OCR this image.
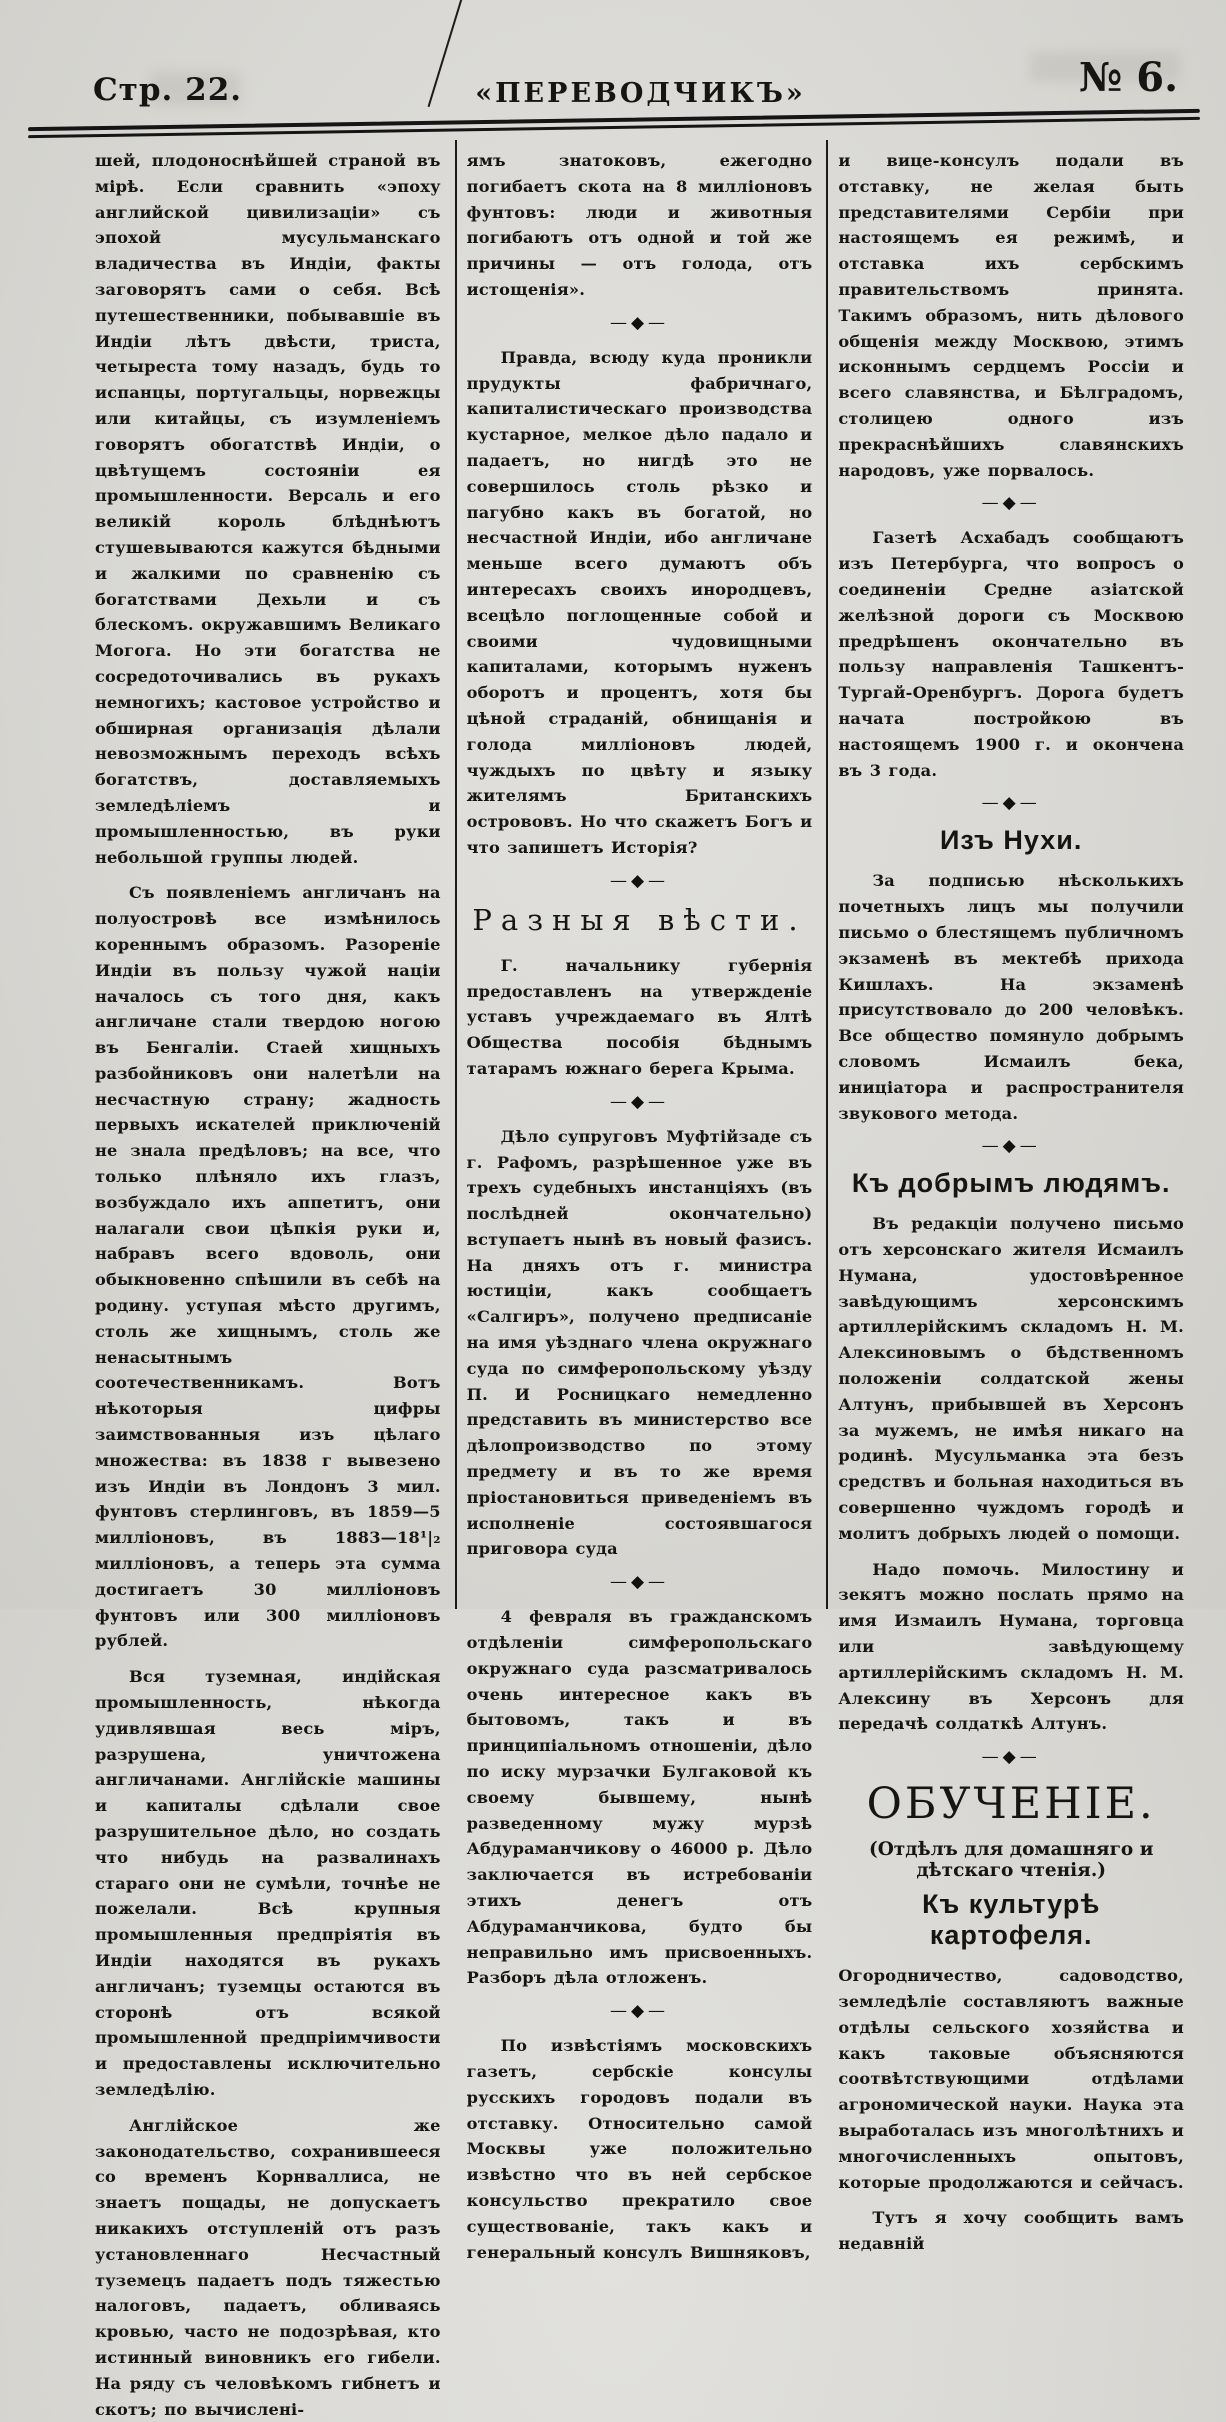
Стр. 22.	«ПЕРЕВОДЧИКЪ»	№ 6.

шей, плодоноснѣйшей страной въ мірѣ. Если сравнить «эпоху английской цивилизаціи» съ эпохой мусульманскаго владичества въ Индіи, факты заговорятъ сами о себя. Всѣ путешественники, побывавшіе въ Индіи лѣтъ двѣсти, триста, четыреста тому назадъ, будь то испанцы, португальцы, норвежцы или китайцы, съ изумленіемъ говорятъ обогатствѣ Индіи, о цвѣтущемъ состояніи ея промышленности. Версаль и его великій король блѣднѣютъ стушевываются кажутся бѣдными и жалкими по сравненію съ богатствами Дехьли и съ блескомъ. окружавшимъ Великаго Могога. Но эти богатства не сосредоточивались въ рукахъ немногихъ; кастовое устройство и обширная организація дѣлали невозможнымъ переходъ всѣхъ богатствъ, доставляемыхъ земледѣліемъ и промышленностью, въ руки небольшой группы людей.

Съ появленіемъ англичанъ на полуостровѣ все измѣнилось кореннымъ образомъ. Разореніе Индіи въ пользу чужой націи началось съ того дня, какъ англичане стали твердою ногою въ Бенгаліи. Стаей хищныхъ разбойниковъ они налетѣли на несчастную страну; жадность первыхъ искателей приключеній не знала предѣловъ; на все, что только плѣняло ихъ глазъ, возбуждало ихъ аппетитъ, они налагали свои цѣпкія руки и, набравъ всего вдоволь, они обыкновенно спѣшили въ себѣ на родину. уступая мѣсто другимъ, столь же хищнымъ, столь же ненасытнымъ соотечественникамъ. Вотъ нѣкоторыя цифры заимствованныя изъ цѣлаго множества: въ 1838 г вывезено изъ Индіи въ Лондонъ 3 мил. фунтовъ стерлинговъ, въ 1859—5 милліоновъ, въ 1883—18¹|₂ милліоновъ, а теперь эта сумма достигаетъ 30 милліоновъ фунтовъ или 300 милліоновъ рублей.

Вся туземная, индійская промышленность, нѣкогда удивлявшая весь міръ, разрушена, уничтожена англичанами. Англійскіе машины и капиталы сдѣлали свое разрушительное дѣло, но создать что нибудь на развалинахъ стараго они не сумѣли, точнѣе не пожелали. Всѣ крупныя промышленныя предпріятія въ Индіи находятся въ рукахъ англичанъ; туземцы остаются въ сторонѣ отъ всякой промышленной предпріимчивости и предоставлены исключительно земледѣлію.

Англійское же законодательство, сохранившееся со временъ Корнваллиса, не знаетъ пощады, не допускаетъ никакихъ отступленій отъ разъ установленнаго Несчастный туземецъ падаетъ подъ тяжестью налоговъ, падаетъ, обливаясь кровью, часто не подозрѣвая, кто истинный виновникъ его гибели. На ряду съ человѣкомъ гибнетъ и скотъ; по вычислені-

ямъ знатоковъ, ежегодно погибаетъ скота на 8 милліоновъ фунтовъ: люди и животныя погибаютъ отъ одной и той же причины — отъ голода, отъ истощенія».

—◆—

Правда, всюду куда проникли прудукты фабричнаго, капиталистическаго производства кустарное, мелкое дѣло падало и падаетъ, но нигдѣ это не совершилось столь рѣзко и пагубно какъ въ богатой, но несчастной Индіи, ибо англичане меньше всего думаютъ объ интересахъ своихъ инородцевъ, всецѣло поглощенные собой и своими чудовищными капиталами, которымъ нуженъ оборотъ и процентъ, хотя бы цѣной страданій, обнищанія и голода милліоновъ людей, чуждыхъ по цвѣту и языку жителямъ Британскихъ острововъ. Но что скажетъ Богъ и что запишетъ Исторія?

—◆—
Разныя вѣсти.

Г. начальнику губернія предоставленъ на утвержденіе уставъ учреждаемаго въ Ялтѣ Общества пособія бѣднымъ татарамъ южнаго берега Крыма.

—◆—

Дѣло супруговъ Муфтійзаде съ г. Рафомъ, разрѣшенное уже въ трехъ судебныхъ инстанціяхъ (въ послѣдней окончательно) вступаетъ нынѣ въ новый фазисъ. На дняхъ отъ г. министра юстиціи, какъ сообщаетъ «Салгиръ», получено предписаніе на имя уѣзднаго члена окружнаго суда по симферопольскому уѣзду П. И Росницкаго немедленно представить въ министерство все дѣлопроизводство по этому предмету и въ то же время пріостановиться приведеніемъ въ исполненіе состоявшагося приговора суда

—◆—

4 февраля въ гражданскомъ отдѣленіи симферопольскаго окружнаго суда разсматривалось очень интересное какъ въ бытовомъ, такъ и въ принципіальномъ отношеніи, дѣло по иску мурзачки Булгаковой къ своему бывшему, нынѣ разведенному мужу мурзѣ Абдураманчикову о 46000 р. Дѣло заключается въ истребованіи этихъ денегъ отъ Абдураманчикова, будто бы неправильно имъ присвоенныхъ. Разборъ дѣла отложенъ.

—◆—

По извѣстіямъ московскихъ газетъ, сербскіе консулы русскихъ городовъ подали въ отставку. Относительно самой Москвы уже положительно извѣстно что въ ней сербское консульство прекратило свое существованіе, такъ какъ и генеральный консулъ Вишняковъ,

и вице-консулъ подали въ отставку, не желая быть представителями Сербіи при настоящемъ ея режимѣ, и отставка ихъ сербскимъ правительствомъ принята. Такимъ образомъ, нить дѣлового общенія между Москвою, этимъ исконнымъ сердцемъ Россіи и всего славянства, и Бѣлградомъ, столицею одного изъ прекраснѣйшихъ славянскихъ народовъ, уже порвалось.

—◆—

Газетѣ Асхабадъ сообщаютъ изъ Петербурга, что вопросъ о соединеніи Средне азіатской желѣзной дороги съ Москвою предрѣшенъ окончательно въ пользу направленія Ташкентъ-Тургай-Оренбургъ. Дорога будетъ начата постройкою въ настоящемъ 1900 г. и окончена въ 3 года.

—◆—
Изъ Нухи.

За подписью нѣсколькихъ почетныхъ лицъ мы получили письмо о блестящемъ публичномъ экзаменѣ въ мектебѣ прихода Кишлахъ. На экзаменѣ присутствовало до 200 человѣкъ. Все общество помянуло добрымъ словомъ Исмаилъ бека, иниціатора и распространителя звукового метода.

—◆—
Къ добрымъ людямъ.

Въ редакціи получено письмо отъ херсонскаго жителя Исмаилъ Нумана, удостовѣренное завѣдующимъ херсонскимъ артиллерійскимъ складомъ Н. М. Алексиновымъ о бѣдственномъ положеніи солдатской жены Алтунъ, прибывшей въ Херсонъ за мужемъ, не имѣя никаго на родинѣ. Мусульманка эта безъ средствъ и больная находиться въ совершенно чуждомъ городѣ и молитъ добрыхъ людей о помощи.

Надо помочь. Милостину и зекятъ можно послать прямо на имя Измаилъ Нумана, торговца или завѣдующему артиллерійскимъ складомъ Н. М. Алексину въ Херсонъ для передачѣ солдаткѣ Алтунъ.

—◆—
ОБУЧЕНІЕ.
(Отдѣлъ для домашняго и дѣтскаго чтенія.)
Къ культурѣ картофеля.

Огородничество, садоводство, земледѣліе составляютъ важные отдѣлы сельского хозяйства и какъ таковые объясняются соотвѣтствующими отдѣлами агрономической науки. Наука эта выработалась изъ многолѣтнихъ и многочисленныхъ опытовъ, которые продолжаются и сейчасъ.

Тутъ я хочу сообщить вамъ недавній
